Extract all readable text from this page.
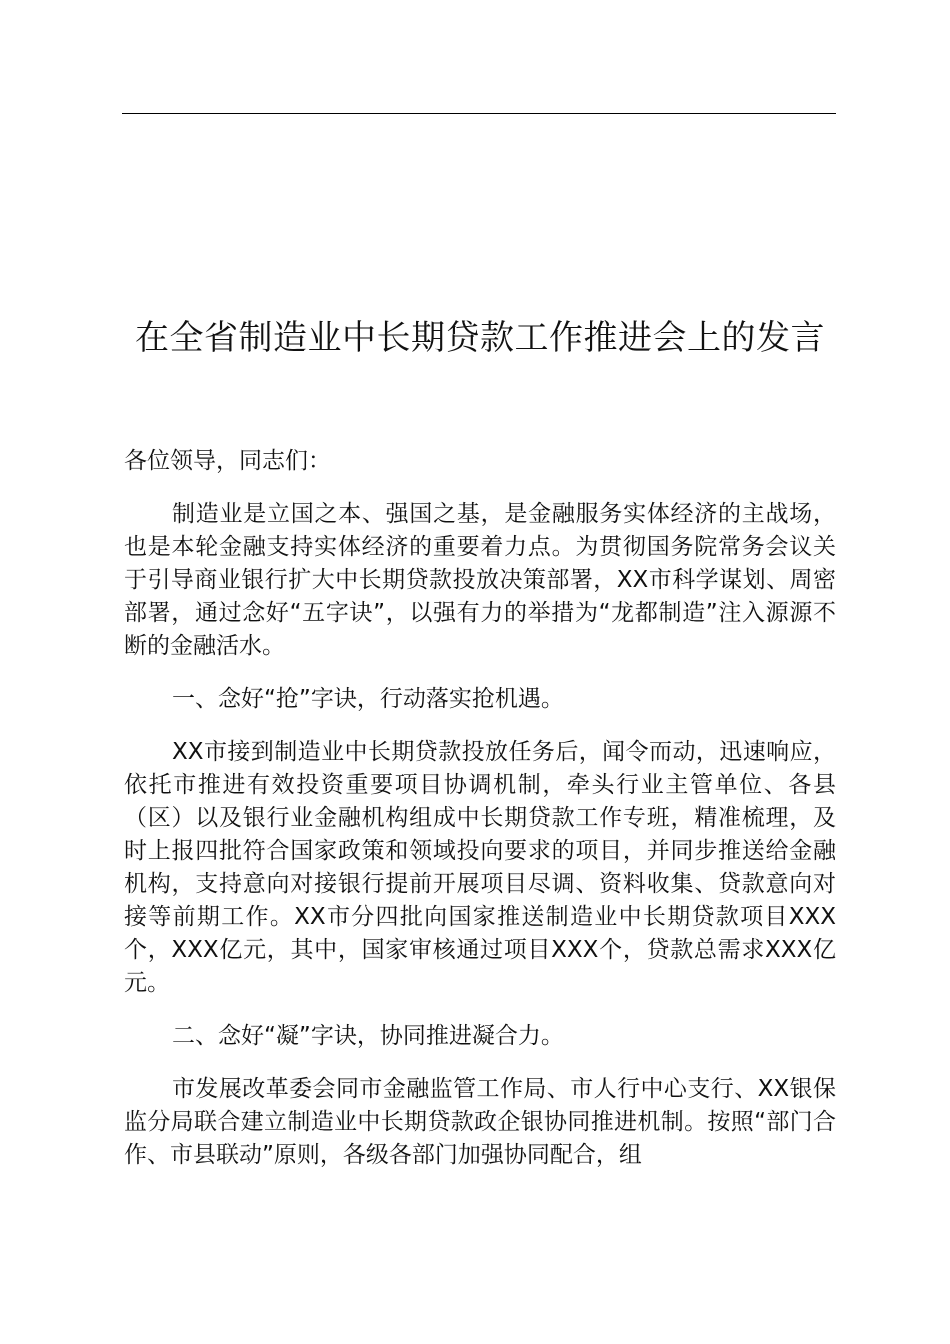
在全省制造业中长期贷款工作推进会上的发言

各位领导，同志们：

制造业是立国之本、强国之基，是金融服务实体经济的主战场，也是本轮金融支持实体经济的重要着力点。为贯彻国务院常务会议关于引导商业银行扩大中长期贷款投放决策部署，XX市科学谋划、周密部署，通过念好“五字诀”，以强有力的举措为“龙都制造”注入源源不断的金融活水。

一、念好“抢”字诀，行动落实抢机遇。

XX市接到制造业中长期贷款投放任务后，闻令而动，迅速响应，依托市推进有效投资重要项目协调机制，牵头行业主管单位、各县（区）以及银行业金融机构组成中长期贷款工作专班，精准梳理，及时上报四批符合国家政策和领域投向要求的项目，并同步推送给金融机构，支持意向对接银行提前开展项目尽调、资料收集、贷款意向对接等前期工作。XX市分四批向国家推送制造业中长期贷款项目XXX个，XXX亿元，其中，国家审核通过项目XXX个，贷款总需求XXX亿元。

二、念好“凝”字诀，协同推进凝合力。

市发展改革委会同市金融监管工作局、市人行中心支行、XX银保监分局联合建立制造业中长期贷款政企银协同推进机制。按照“部门合作、市县联动”原则，各级各部门加强协同配合，组
